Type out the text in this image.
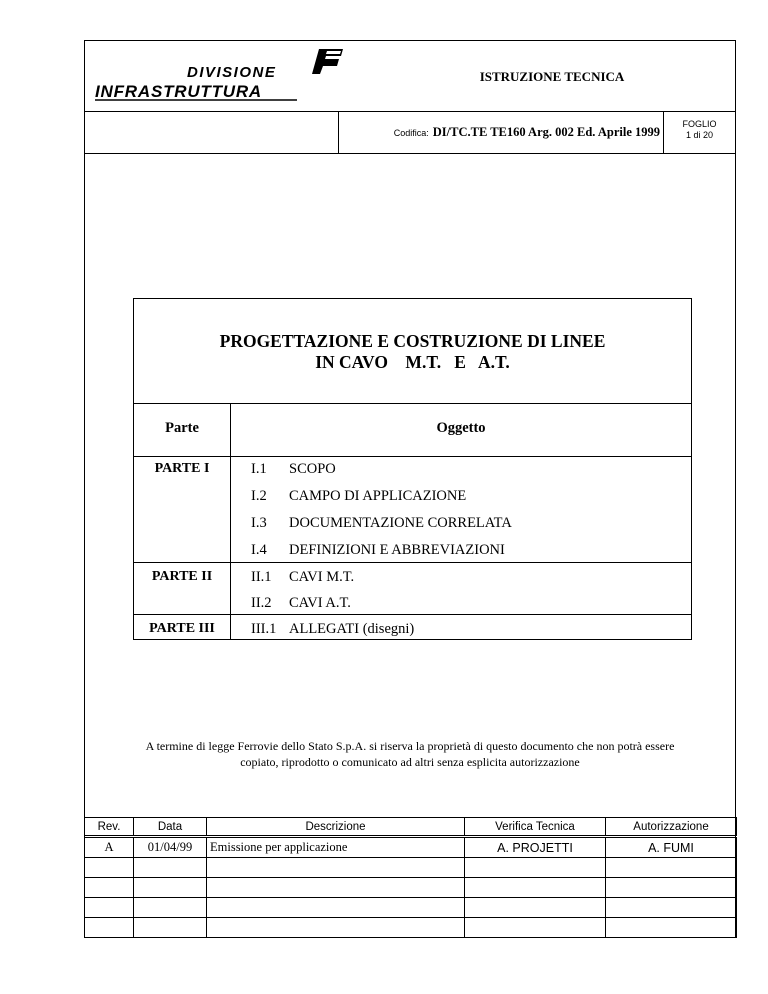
DIVISIONE
INFRASTRUTTURA
ISTRUZIONE TECNICA
Codifica: DI/TC.TE TE160 Arg. 002 Ed. Aprile 1999
FOGLIO
1 di 20
PROGETTAZIONE E COSTRUZIONE DI LINEE
IN CAVO    M.T.   E   A.T.
Parte	Oggetto
PARTE I	I.1 SCOPO
I.2 CAMPO DI APPLICAZIONE
I.3 DOCUMENTAZIONE CORRELATA
I.4 DEFINIZIONI E ABBREVIAZIONI
PARTE II	II.1 CAVI M.T.
II.2 CAVI A.T.
PARTE III	III.1 ALLEGATI (disegni)
A termine di legge Ferrovie dello Stato S.p.A. si riserva la proprietà di questo documento che non potrà essere
copiato, riprodotto o comunicato ad altri senza esplicita autorizzazione
Rev.	Data	Descrizione	Verifica Tecnica	Autorizzazione
A	01/04/99	Emissione per applicazione	A. PROJETTI	A. FUMI
